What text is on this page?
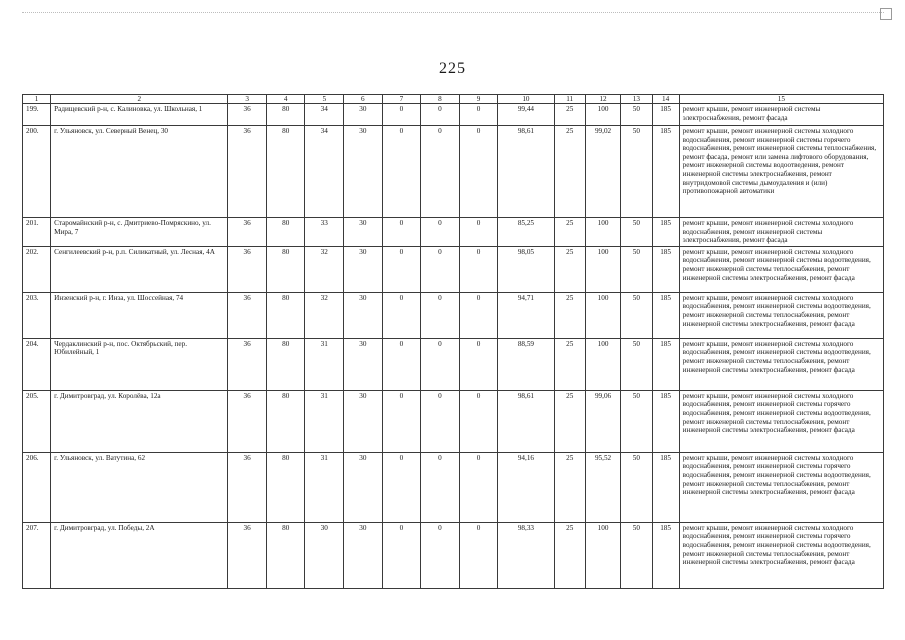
225
1	2	3	4	5	6	7	8	9	10	11	12	13	14	15
199.	Радищевский р-н, с. Калиновка, ул. Школьная, 1	36	80	34	30	0	0	0	99,44	25	100	50	185	ремонт крыши, ремонт инженерной системы электроснабжения, ремонт фасада
200.	г. Ульяновск, ул. Северный Венец, 30	36	80	34	30	0	0	0	98,61	25	99,02	50	185	ремонт крыши, ремонт инженерной системы холодного водоснабжения, ремонт инженерной системы горячего водоснабжения, ремонт инженерной системы теплоснабжения, ремонт фасада, ремонт или замена лифтового оборудования, ремонт инженерной системы водоотведения, ремонт инженерной системы электроснабжения, ремонт внутридомовой системы дымоудаления и (или) противопожарной автоматики
201.	Старомайнский р-н, с. Дмитриево-Помряскино, ул. Мира, 7	36	80	33	30	0	0	0	85,25	25	100	50	185	ремонт крыши, ремонт инженерной системы холодного водоснабжения, ремонт инженерной системы электроснабжения, ремонт фасада
202.	Сенгилеевский р-н, р.п. Силикатный, ул. Лесная, 4А	36	80	32	30	0	0	0	98,05	25	100	50	185	ремонт крыши, ремонт инженерной системы холодного водоснабжения, ремонт инженерной системы водоотведения, ремонт инженерной системы теплоснабжения, ремонт инженерной системы электроснабжения, ремонт фасада
203.	Инзенский р-н, г. Инза, ул. Шоссейная, 74	36	80	32	30	0	0	0	94,71	25	100	50	185	ремонт крыши, ремонт инженерной системы холодного водоснабжения, ремонт инженерной системы водоотведения, ремонт инженерной системы теплоснабжения, ремонт инженерной системы электроснабжения, ремонт фасада
204.	Чердаклинский р-н, пос. Октябрьский, пер. Юбилейный, 1	36	80	31	30	0	0	0	88,59	25	100	50	185	ремонт крыши, ремонт инженерной системы холодного водоснабжения, ремонт инженерной системы водоотведения, ремонт инженерной системы теплоснабжения, ремонт инженерной системы электроснабжения, ремонт фасада
205.	г. Димитровград, ул. Королёва, 12а	36	80	31	30	0	0	0	98,61	25	99,06	50	185	ремонт крыши, ремонт инженерной системы холодного водоснабжения, ремонт инженерной системы горячего водоснабжения, ремонт инженерной системы водоотведения, ремонт инженерной системы теплоснабжения, ремонт инженерной системы электроснабжения, ремонт фасада
206.	г. Ульяновск, ул. Ватутина, 62	36	80	31	30	0	0	0	94,16	25	95,52	50	185	ремонт крыши, ремонт инженерной системы холодного водоснабжения, ремонт инженерной системы горячего водоснабжения, ремонт инженерной системы водоотведения, ремонт инженерной системы теплоснабжения, ремонт инженерной системы электроснабжения, ремонт фасада
207.	г. Димитровград, ул. Победы, 2А	36	80	30	30	0	0	0	98,33	25	100	50	185	ремонт крыши, ремонт инженерной системы холодного водоснабжения, ремонт инженерной системы горячего водоснабжения, ремонт инженерной системы водоотведения, ремонт инженерной системы теплоснабжения, ремонт инженерной системы электроснабжения, ремонт фасада
